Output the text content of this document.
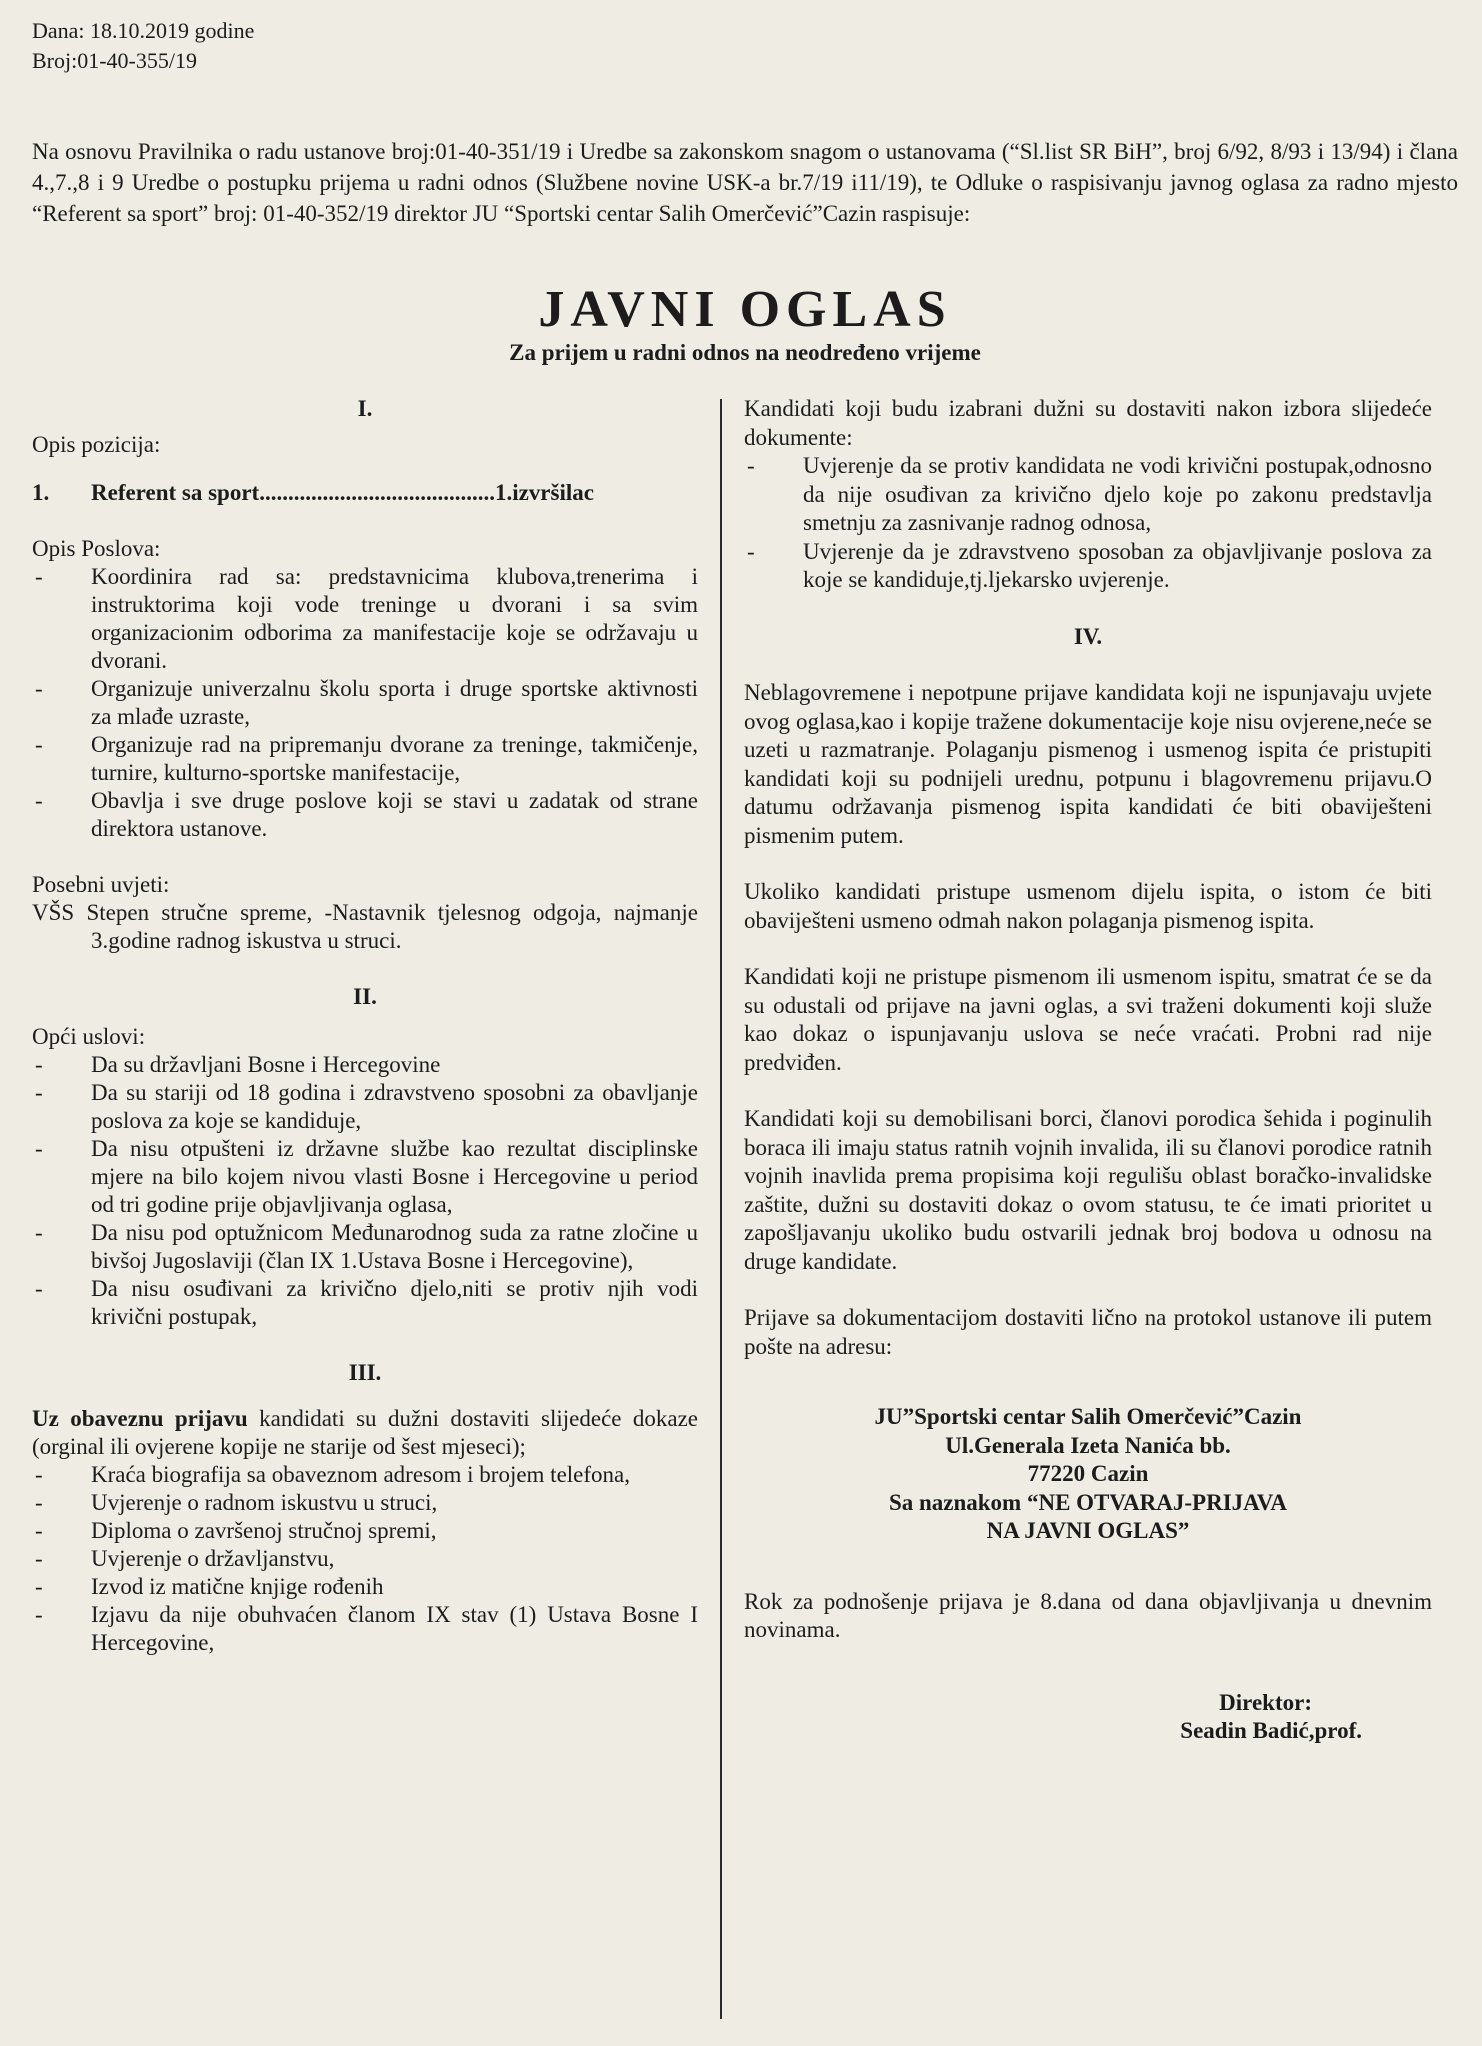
Dana: 18.10.2019 godine
Broj:01-40-355/19

Na osnovu Pravilnika o radu ustanove broj:01-40-351/19 i Uredbe sa zakonskom snagom o ustanovama (“Sl.list SR BiH”, broj 6/92, 8/93 i 13/94) i člana 4.,7.,8 i 9 Uredbe o postupku prijema u radni odnos (Službene novine USK-a br.7/19 i11/19), te Odluke o raspisivanju javnog oglasa za radno mjesto “Referent sa sport” broj: 01-40-352/19 direktor JU “Sportski centar Salih Omerčević”Cazin raspisuje:

JAVNI OGLAS
Za prijem u radni odnos na neodređeno vrijeme
I.
Opis pozicija:
1.	Referent sa sport.........................................1.izvršilac
Opis Poslova:
- Koordinira rad sa: predstavnicima klubova,trenerima i instruktorima koji vode treninge u dvorani i sa svim organizacionim odborima za manifestacije koje se održavaju u dvorani.
- Organizuje univerzalnu školu sporta i druge sportske aktivnosti za mlađe uzraste,
- Organizuje rad na pripremanju dvorane za treninge, takmičenje, turnire, kulturno-sportske manifestacije,
- Obavlja i sve druge poslove koji se stavi u zadatak od strane direktora ustanove.
Posebni uvjeti:

VŠS Stepen stručne spreme, -Nastavnik tjelesnog odgoja, najmanje 3.godine radnog iskustva u struci.

II.
Opći uslovi:
- Da su državljani Bosne i Hercegovine
- Da su stariji od 18 godina i zdravstveno sposobni za obavljanje poslova za koje se kandiduje,
- Da nisu otpušteni iz državne službe kao rezultat disciplinske mjere na bilo kojem nivou vlasti Bosne i Hercegovine u period od tri godine prije objavljivanja oglasa,
- Da nisu pod optužnicom Međunarodnog suda za ratne zločine u bivšoj Jugoslaviji (član IX 1.Ustava Bosne i Hercegovine),
- Da nisu osuđivani za krivično djelo,niti se protiv njih vodi krivični postupak,
III.

Uz obaveznu prijavu kandidati su dužni dostaviti slijedeće dokaze (orginal ili ovjerene kopije ne starije od šest mjeseci);

- Kraća biografija sa obaveznom adresom i brojem telefona,
- Uvjerenje o radnom iskustvu u struci,
- Diploma o završenoj stručnoj spremi,
- Uvjerenje o državljanstvu,
- Izvod iz matične knjige rođenih
- Izjavu da nije obuhvaćen članom IX stav (1) Ustava Bosne I Hercegovine,

Kandidati koji budu izabrani dužni su dostaviti nakon izbora slijedeće dokumente:

- Uvjerenje da se protiv kandidata ne vodi krivični postupak,odnosno da nije osuđivan za krivično djelo koje po zakonu predstavlja smetnju za zasnivanje radnog odnosa,
- Uvjerenje da je zdravstveno sposoban za objavljivanje poslova za koje se kandiduje,tj.ljekarsko uvjerenje.
IV.

Neblagovremene i nepotpune prijave kandidata koji ne ispunjavaju uvjete ovog oglasa,kao i kopije tražene dokumentacije koje nisu ovjerene,neće se uzeti u razmatranje. Polaganju pismenog i usmenog ispita će pristupiti kandidati koji su podnijeli urednu, potpunu i blagovremenu prijavu.O datumu održavanja pismenog ispita kandidati će biti obaviješteni pismenim putem.

Ukoliko kandidati pristupe usmenom dijelu ispita, o istom će biti obaviješteni usmeno odmah nakon polaganja pismenog ispita.

Kandidati koji ne pristupe pismenom ili usmenom ispitu, smatrat će se da su odustali od prijave na javni oglas, a svi traženi dokumenti koji služe kao dokaz o ispunjavanju uslova se neće vraćati. Probni rad nije predviđen.

Kandidati koji su demobilisani borci, članovi porodica šehida i poginulih boraca ili imaju status ratnih vojnih invalida, ili su članovi porodice ratnih vojnih inavlida prema propisima koji regulišu oblast boračko-invalidske zaštite, dužni su dostaviti dokaz o ovom statusu, te će imati prioritet u zapošljavanju ukoliko budu ostvarili jednak broj bodova u odnosu na druge kandidate.

Prijave sa dokumentacijom dostaviti lično na protokol ustanove ili putem pošte na adresu:

JU”Sportski centar Salih Omerčević”Cazin
Ul.Generala Izeta Nanića bb.
77220 Cazin
Sa naznakom “NE OTVARAJ-PRIJAVA
NA JAVNI OGLAS”

Rok za podnošenje prijava je 8.dana od dana objavljivanja u dnevnim novinama.

Direktor:
Seadin Badić,prof.
